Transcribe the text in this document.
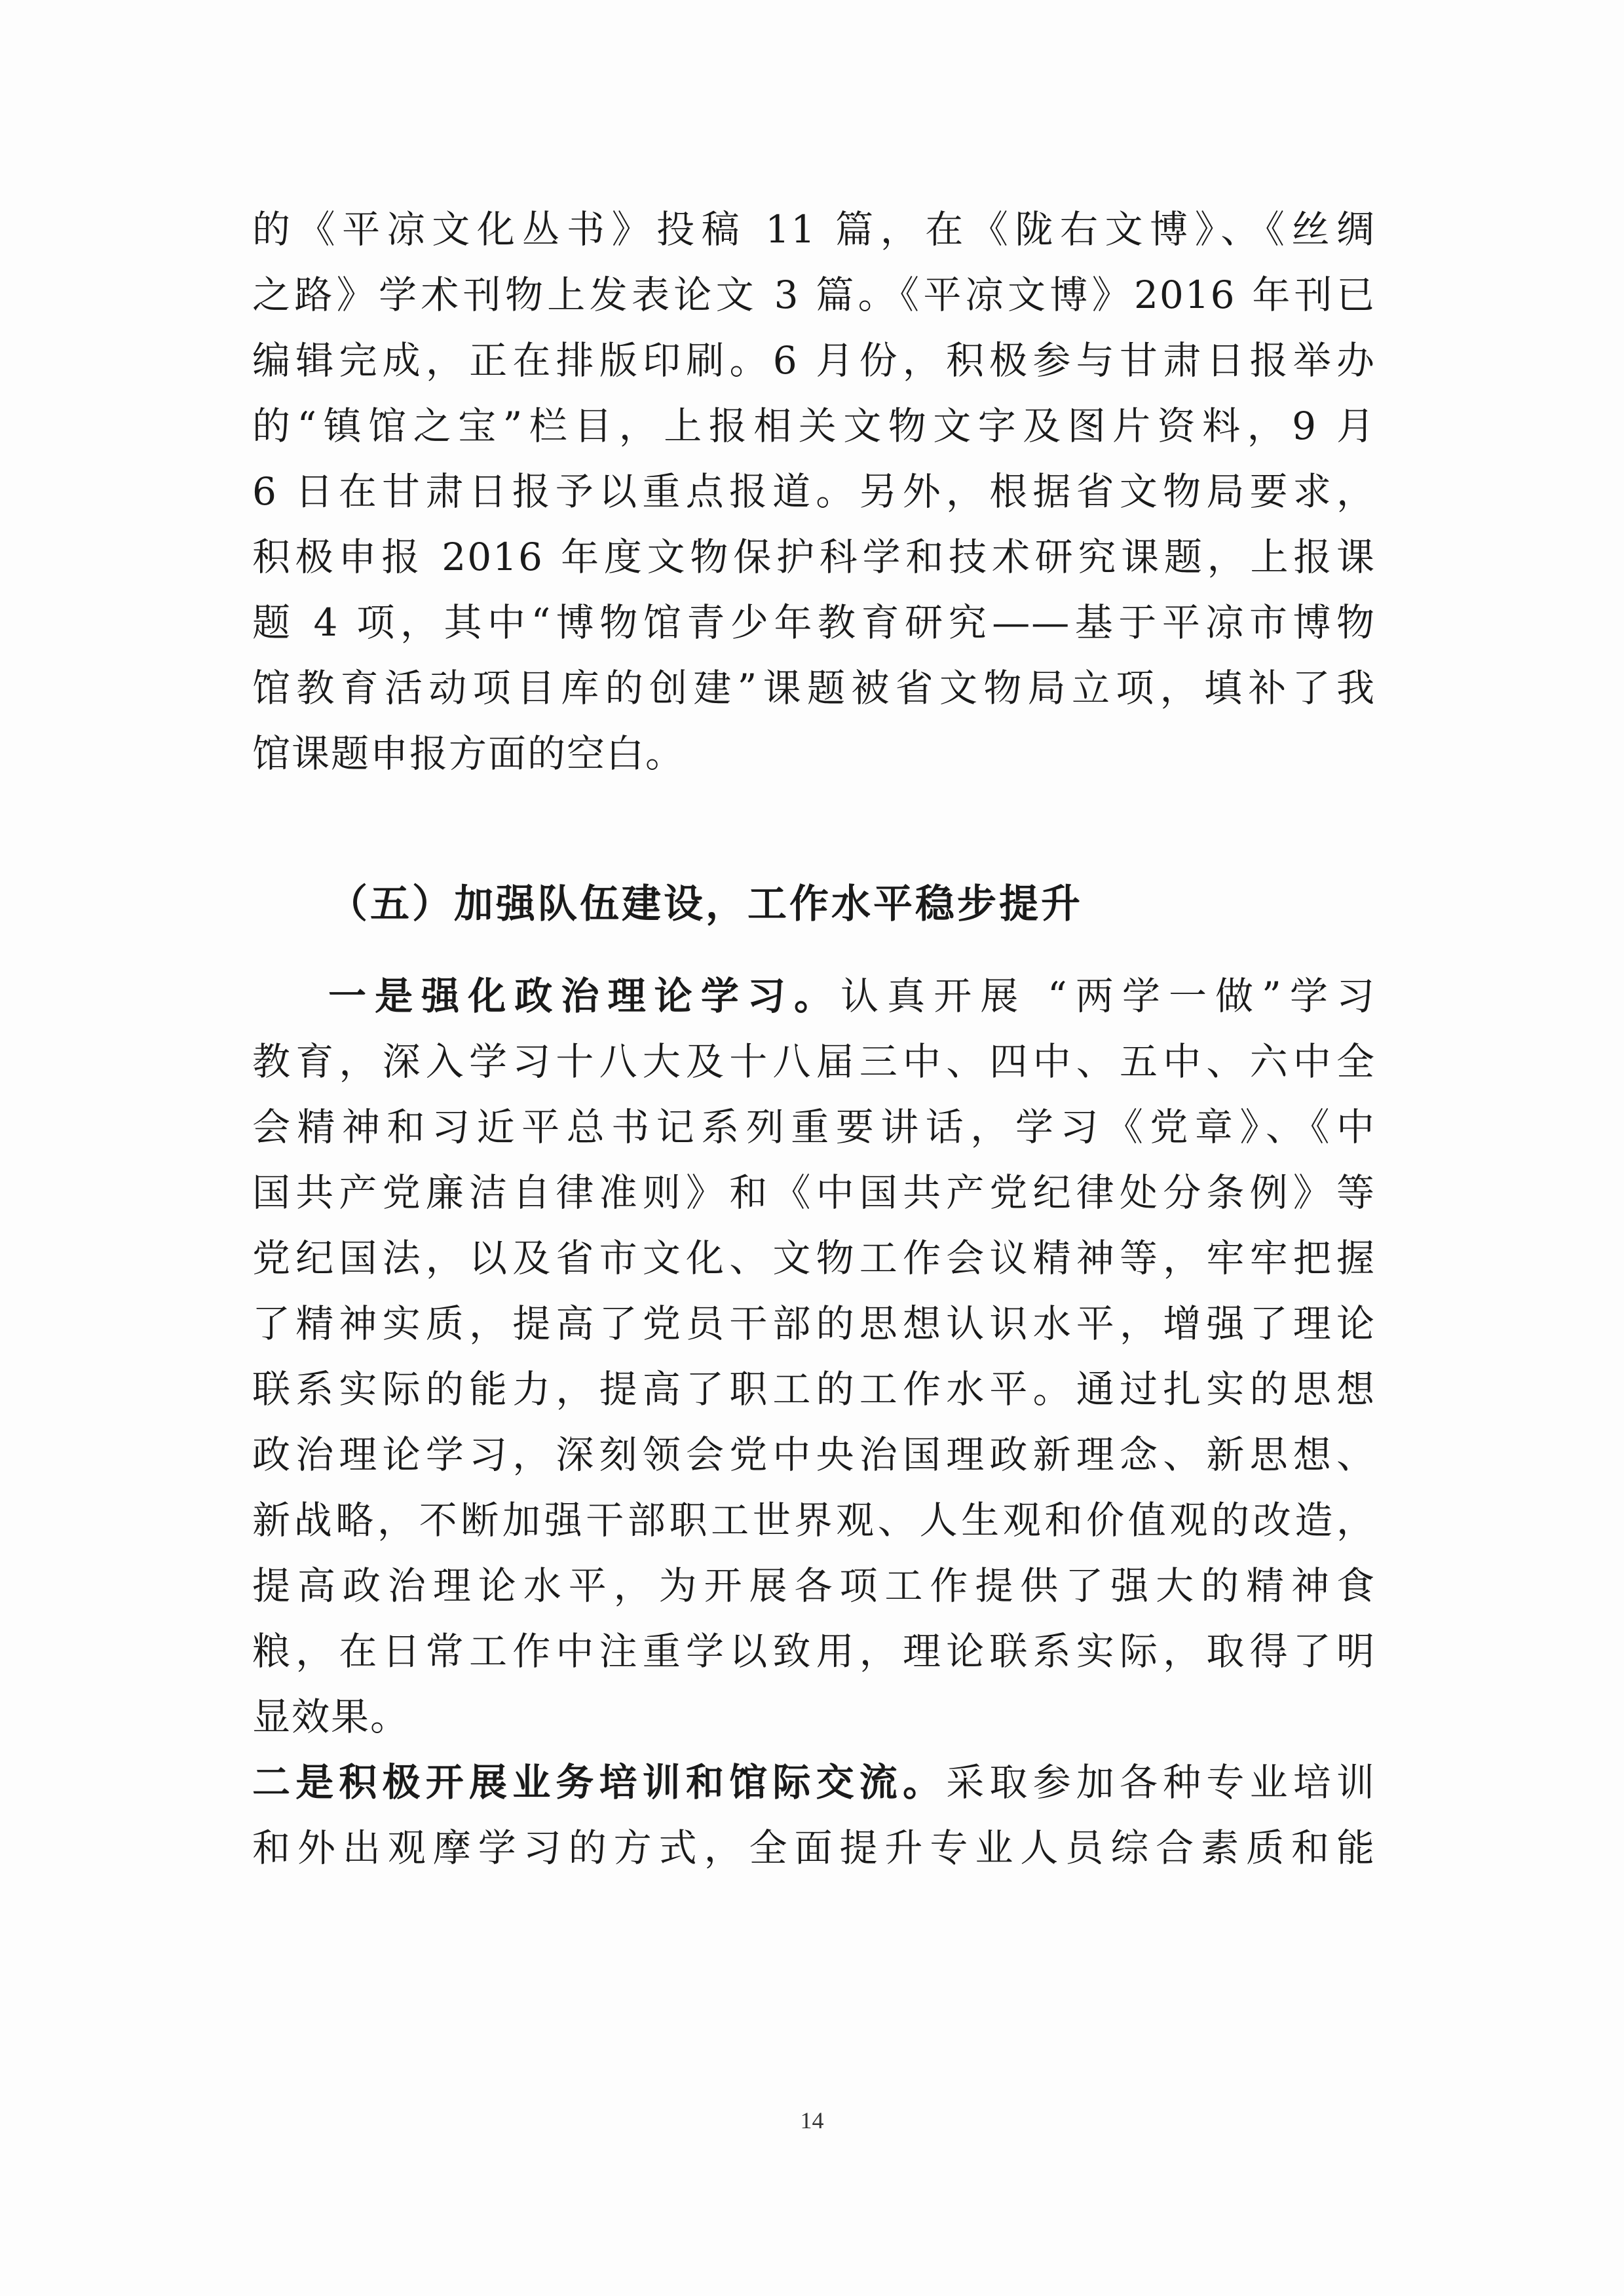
的《平凉文化丛书》投稿 11 篇，在《陇右文博》、《丝绸
之路》学术刊物上发表论文 3 篇。《平凉文博》2016 年刊已
编辑完成，正在排版印刷。6 月份，积极参与甘肃日报举办
的“镇馆之宝”栏目，上报相关文物文字及图片资料，9 月
6 日在甘肃日报予以重点报道。另外，根据省文物局要求，
积极申报 2016 年度文物保护科学和技术研究课题，上报课
题 4 项，其中“博物馆青少年教育研究——基于平凉市博物
馆教育活动项目库的创建”课题被省文物局立项，填补了我
馆课题申报方面的空白。
（五）加强队伍建设，工作水平稳步提升
一是强化政治理论学习。认真开展 “两学一做”学习
教育，深入学习十八大及十八届三中、四中、五中、六中全
会精神和习近平总书记系列重要讲话，学习《党章》、《中
国共产党廉洁自律准则》和《中国共产党纪律处分条例》等
党纪国法，以及省市文化、文物工作会议精神等，牢牢把握
了精神实质，提高了党员干部的思想认识水平，增强了理论
联系实际的能力，提高了职工的工作水平。通过扎实的思想
政治理论学习，深刻领会党中央治国理政新理念、新思想、
新战略，不断加强干部职工世界观、人生观和价值观的改造，
提高政治理论水平，为开展各项工作提供了强大的精神食
粮，在日常工作中注重学以致用，理论联系实际，取得了明
显效果。
二是积极开展业务培训和馆际交流。采取参加各种专业培训
和外出观摩学习的方式，全面提升专业人员综合素质和能
14
